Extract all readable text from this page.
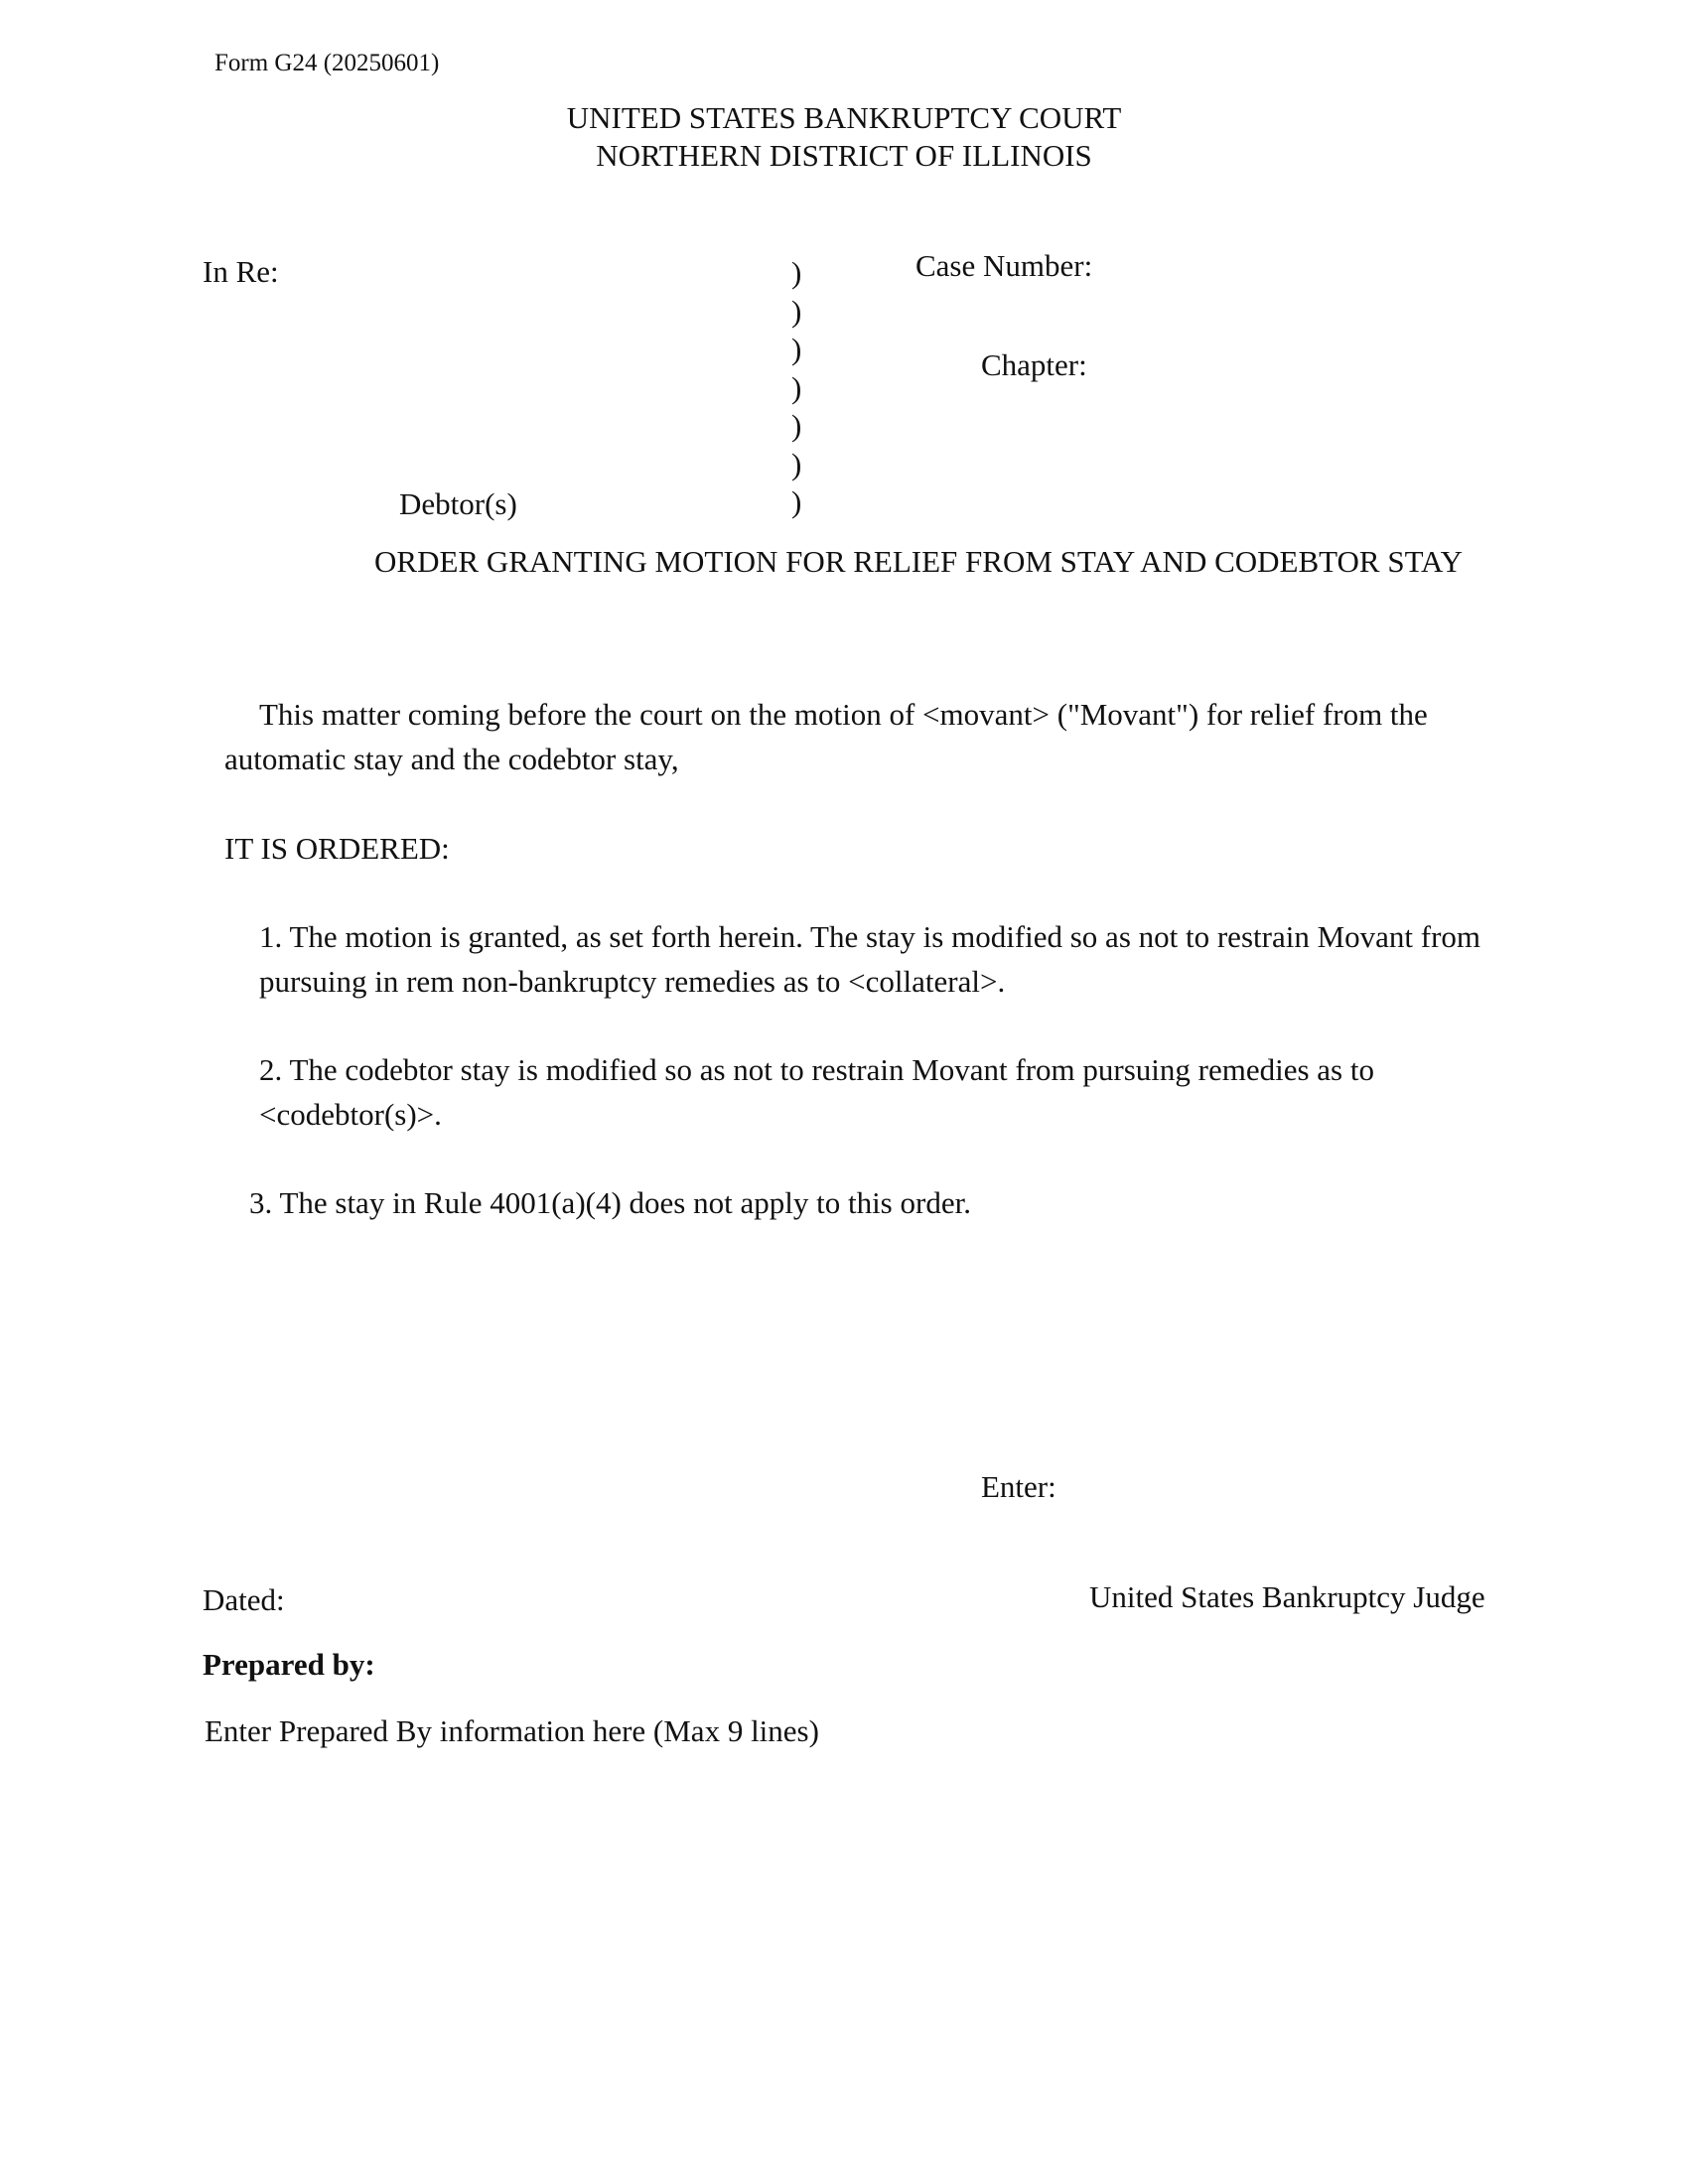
Form G24 (20250601)
UNITED STATES BANKRUPTCY COURT
NORTHERN DISTRICT OF ILLINOIS
In Re:
Debtor(s)
)
)
)
)
)
)
)
Case Number:
Chapter:
ORDER GRANTING MOTION FOR RELIEF FROM STAY AND CODEBTOR STAY
This matter coming before the court on the motion of <movant> ("Movant") for relief from the automatic stay and the codebtor stay,
IT IS ORDERED:
1. The motion is granted, as set forth herein. The stay is modified so as not to restrain Movant from pursuing in rem non-bankruptcy remedies as to <collateral>.
2. The codebtor stay is modified so as not to restrain Movant from pursuing remedies as to <codebtor(s)>.
3. The stay in Rule 4001(a)(4) does not apply to this order.
Enter:
Dated:	United States Bankruptcy Judge
Prepared by:
Enter Prepared By information here (Max 9 lines)
